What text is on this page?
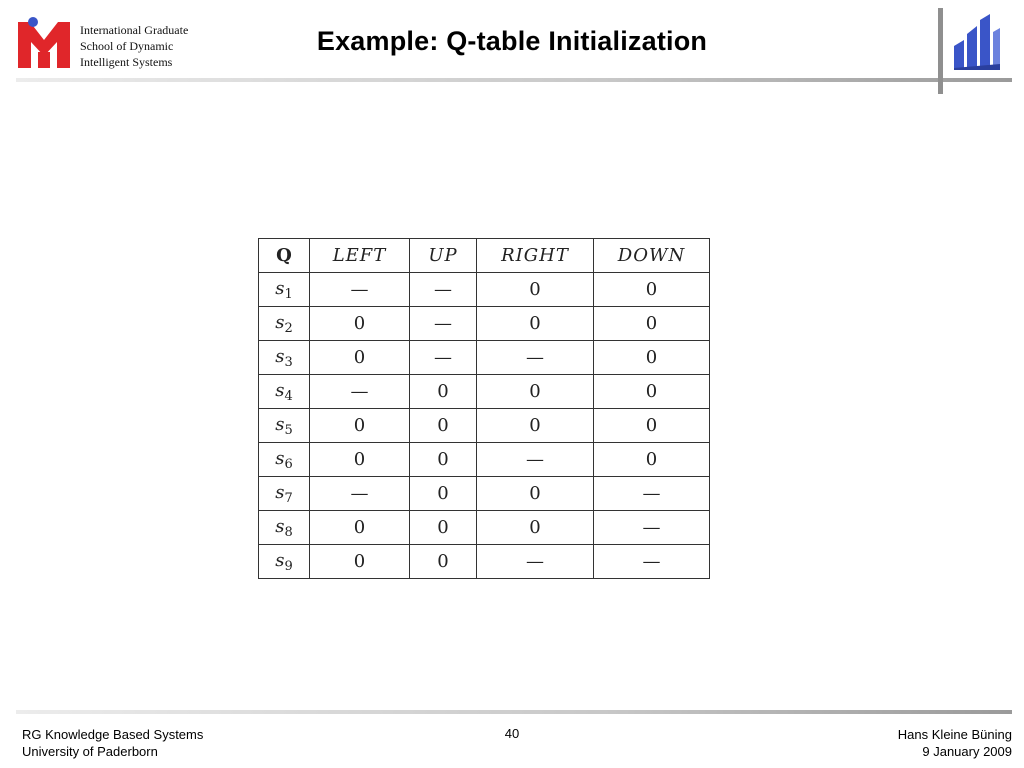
International Graduate
School of Dynamic
Intelligent Systems
Example: Q-table Initialization
Q	LEFT	UP	RIGHT	DOWN
$s_1$	—	—	0	0
$s_2$	0	—	0	0
$s_3$	0	—	—	0
$s_4$	—	0	0	0
$s_5$	0	0	0	0
$s_6$	0	0	—	0
$s_7$	—	0	0	—
$s_8$	0	0	0	—
$s_9$	0	0	—	—
RG Knowledge Based Systems
University of Paderborn
40	Hans Kleine Büning
9 January 2009
